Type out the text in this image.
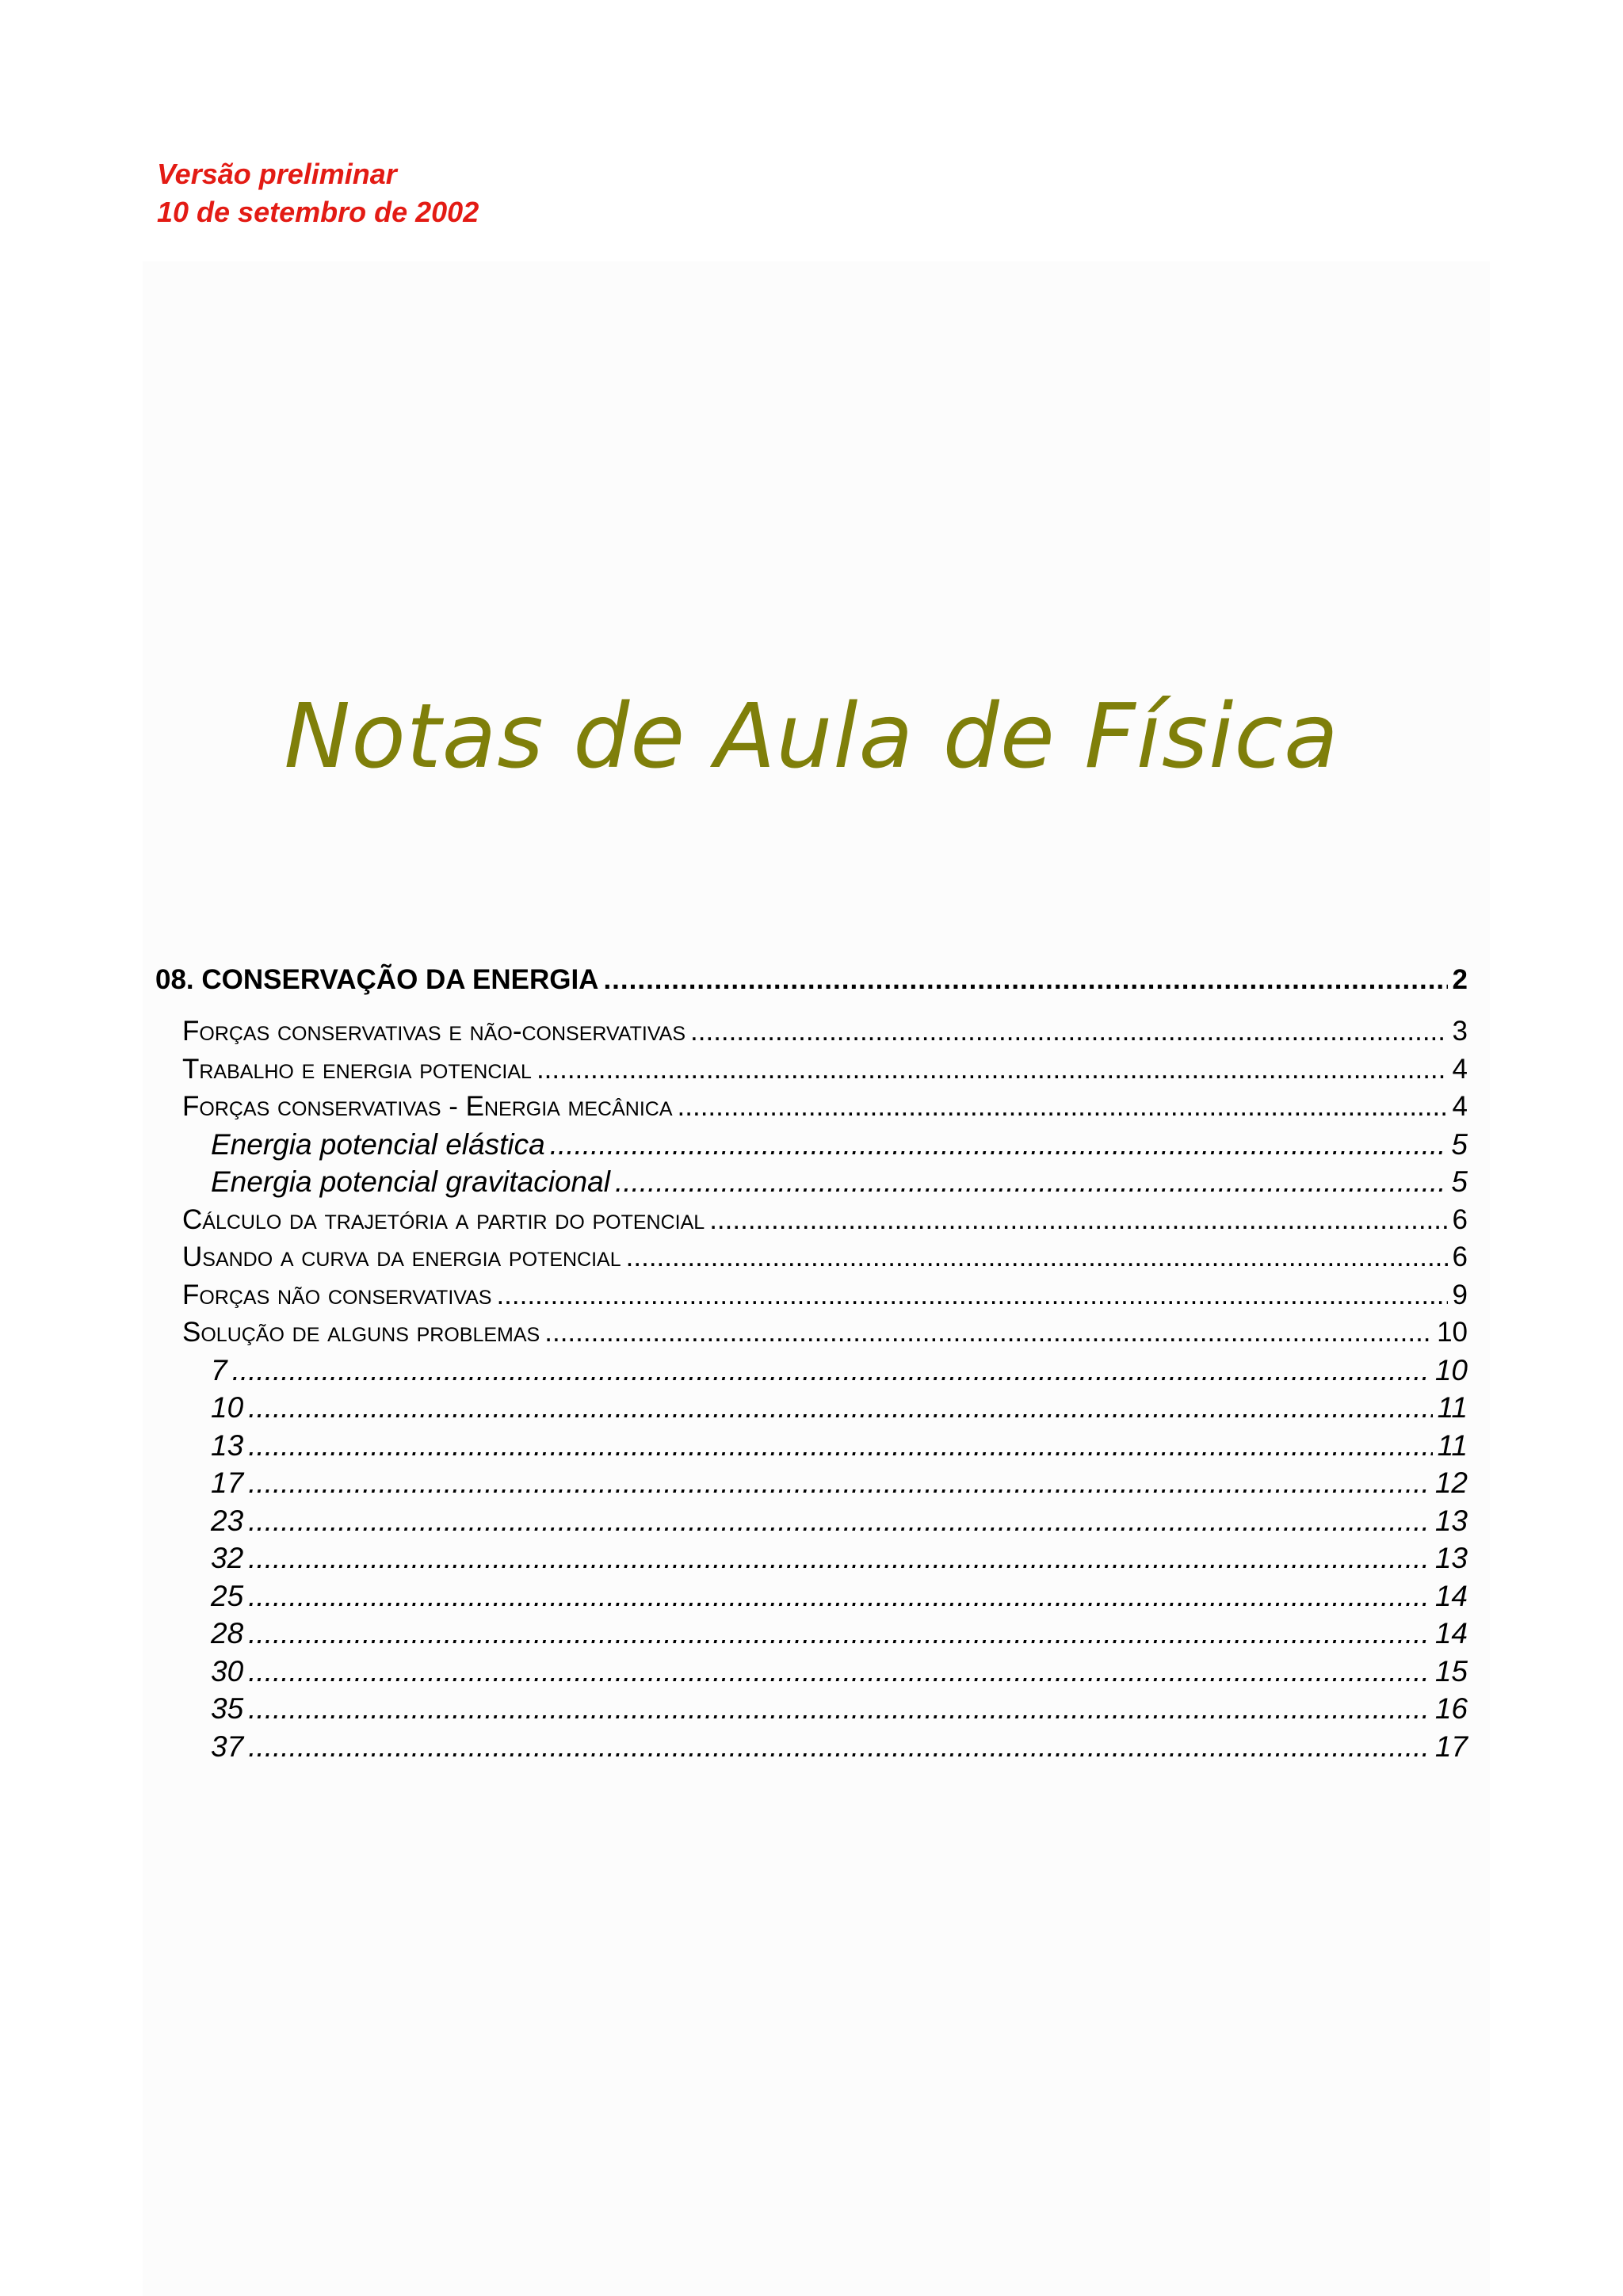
Versão preliminar
10 de setembro de 2002
Notas de Aula de Física
08. CONSERVAÇÃO DA ENERGIA .....	2
Forças conservativas e não-conservativas .....	3
Trabalho e energia potencial .....	4
Forças conservativas - Energia mecânica .....	4
Energia potencial elástica .....	5
Energia potencial gravitacional .....	5
Cálculo da trajetória a partir do potencial .....	6
Usando a curva da energia potencial .....	6
Forças não conservativas .....	9
Solução de alguns problemas .....	10
7 .....	10
10 .....	11
13 .....	11
17 .....	12
23 .....	13
32 .....	13
25 .....	14
28 .....	14
30 .....	15
35 .....	16
37 .....	17
